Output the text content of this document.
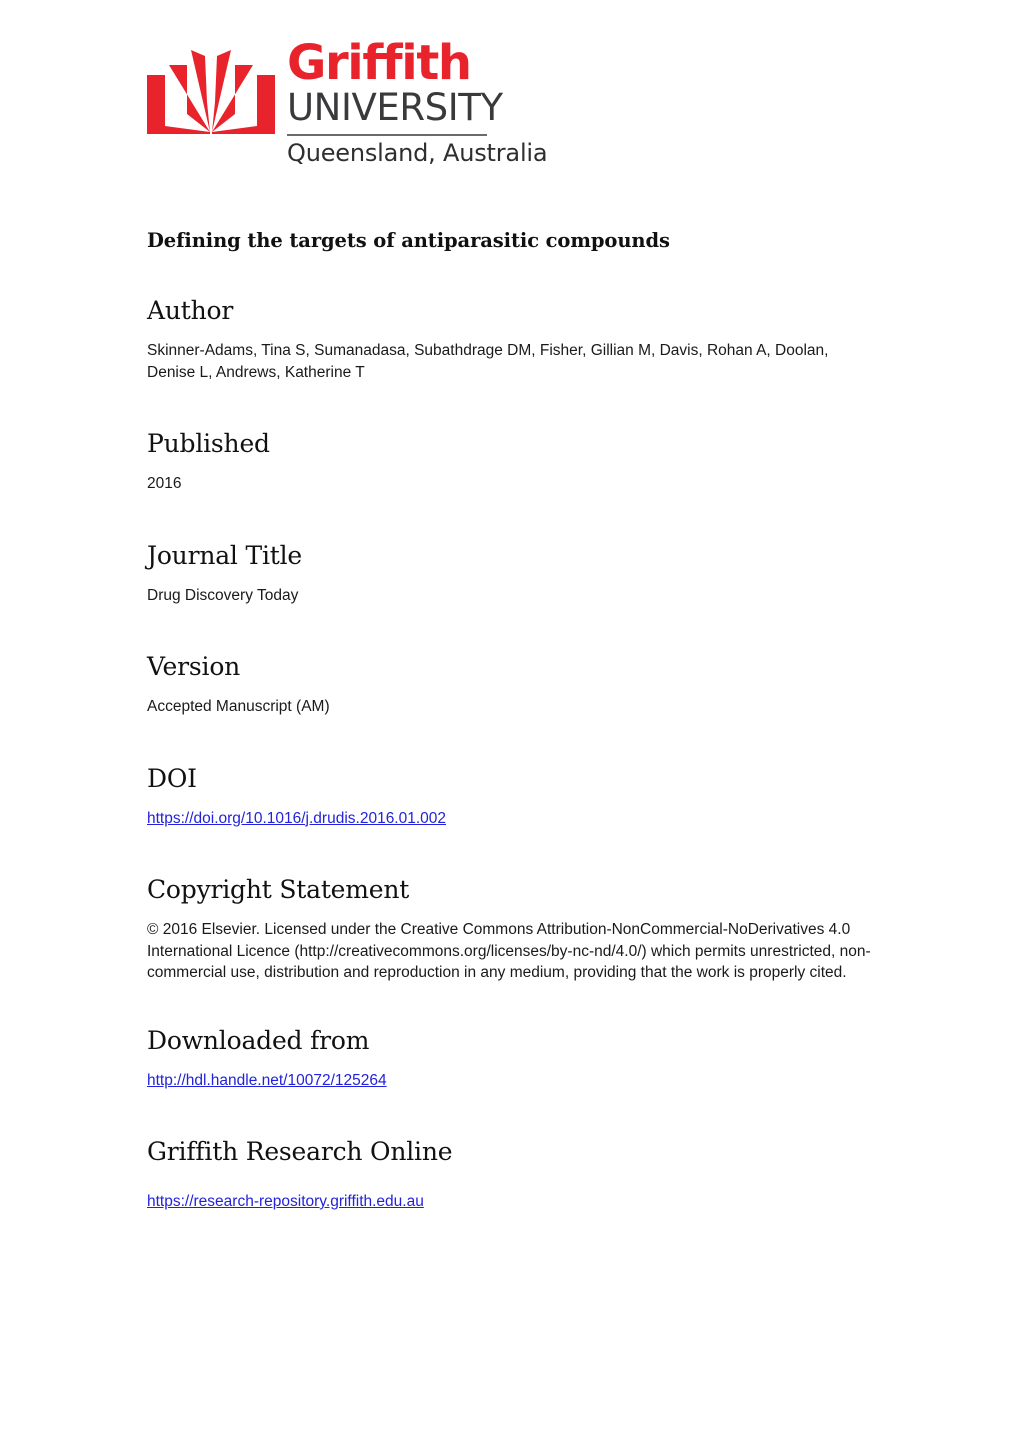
Griffith
UNIVERSITY
Queensland, Australia
Defining the targets of antiparasitic compounds
Author

Skinner-Adams, Tina S, Sumanadasa, Subathdrage DM, Fisher, Gillian M, Davis, Rohan A, Doolan, Denise L, Andrews, Katherine T

Published

2016

Journal Title

Drug Discovery Today

Version

Accepted Manuscript (AM)

DOI
https://doi.org/10.1016/j.drudis.2016.01.002
Copyright Statement

© 2016 Elsevier. Licensed under the Creative Commons Attribution-NonCommercial-NoDerivatives 4.0 International Licence (http://creativecommons.org/licenses/by-nc-nd/4.0/) which permits unrestricted, non-commercial use, distribution and reproduction in any medium, providing that the work is properly cited.

Downloaded from
http://hdl.handle.net/10072/125264
Griffith Research Online
https://research-repository.griffith.edu.au
